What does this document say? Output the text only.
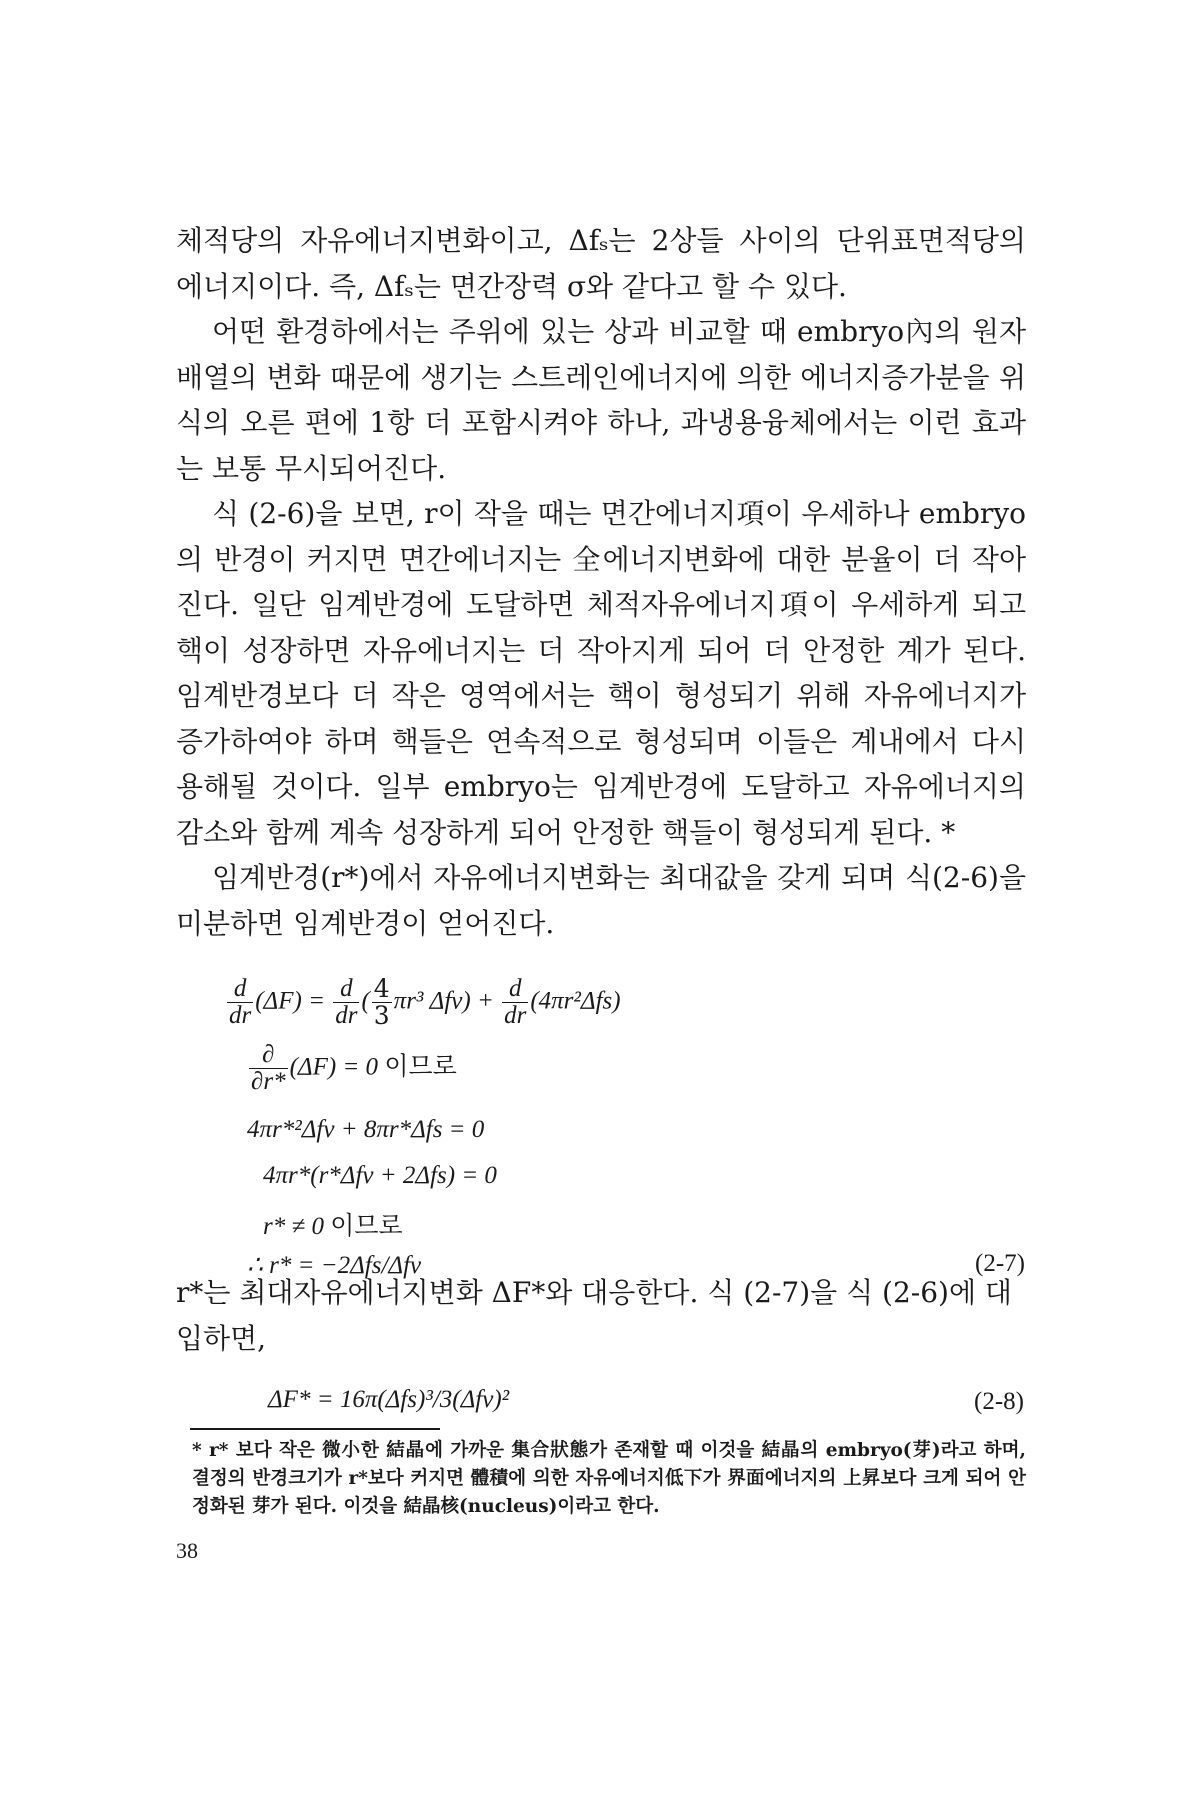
체적당의 자유에너지변화이고, Δfₛ는 2상들 사이의 단위표면적당의 에너지이다. 즉, Δfₛ는 면간장력 σ와 같다고 할 수 있다.

어떤 환경하에서는 주위에 있는 상과 비교할 때 embryo內의 원자배열의 변화 때문에 생기는 스트레인에너지에 의한 에너지증가분을 위 식의 오른 편에 1항 더 포함시켜야 하나, 과냉용융체에서는 이런 효과는 보통 무시되어진다.

식 (2-6)을 보면, r이 작을 때는 면간에너지項이 우세하나 embryo의 반경이 커지면 면간에너지는 全에너지변화에 대한 분율이 더 작아진다. 일단 임계반경에 도달하면 체적자유에너지項이 우세하게 되고 핵이 성장하면 자유에너지는 더 작아지게 되어 더 안정한 계가 된다. 임계반경보다 더 작은 영역에서는 핵이 형성되기 위해 자유에너지가 증가하여야 하며 핵들은 연속적으로 형성되며 이들은 계내에서 다시 용해될 것이다. 일부 embryo는 임계반경에 도달하고 자유에너지의 감소와 함께 계속 성장하게 되어 안정한 핵들이 형성되게 된다. *

임계반경(r*)에서 자유에너지변화는 최대값을 갖게 되며 식(2-6)을 미분하면 임계반경이 얻어진다.

$\frac{d}{dr} (\Delta F) = \frac{d}{dr}$ ( $\frac{4}{3} \pi r^3$ $\Delta fv) + \frac{d}{dr} (4\pi r^2\Delta fs)$
$\frac{\partial}{\partial r*} (\Delta F) = 0$ 이므로
4πr*²Δfv + 8πr*Δfs = 0
4πr*(r*Δfv + 2Δfs) = 0
r* ≠ 0 이므로
∴ r* = −2Δfs/Δfv	(2-7)
r*는 최대자유에너지변화 ΔF*와 대응한다. 식 (2-7)을 식 (2-6)에 대입하면,
ΔF* = 16π(Δfs)³/3(Δfv)²	(2-8)
* r* 보다 작은 微小한 結晶에 가까운 集合狀態가 존재할 때 이것을 結晶의 embryo(芽)라고 하며, 결정의 반경크기가 r*보다 커지면 體積에 의한 자유에너지低下가 界面에너지의 上昇보다 크게 되어 안정화된 芽가 된다. 이것을 結晶核(nucleus)이라고 한다.
38
